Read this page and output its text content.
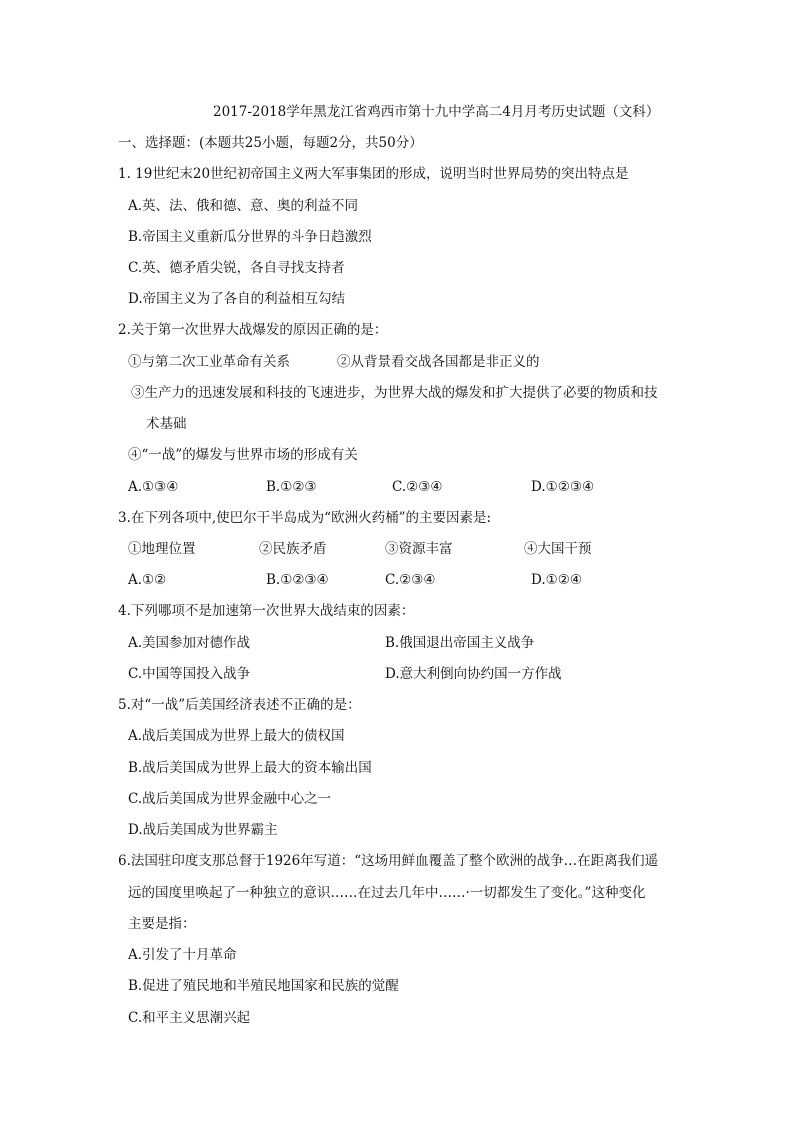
2017-2018学年黑龙江省鸡西市第十九中学高二4月月考历史试题（文科）
一、选择题：(本题共25小题，每题2分，共50分）
1. 19世纪末20世纪初帝国主义两大军事集团的形成，说明当时世界局势的突出特点是
A.英、法、俄和德、意、奥的利益不同
B.帝国主义重新瓜分世界的斗争日趋激烈
C.英、德矛盾尖锐，各自寻找支持者
D.帝国主义为了各自的利益相互勾结
2.关于第一次世界大战爆发的原因正确的是：
①与第二次工业革命有关系	②从背景看交战各国都是非正义的
③生产力的迅速发展和科技的飞速进步，为世界大战的爆发和扩大提供了必要的物质和技
术基础
④“一战”的爆发与世界市场的形成有关
A.①③④	B.①②③	C.②③④	D.①②③④
3.在下列各项中,使巴尔干半岛成为“欧洲火药桶”的主要因素是:
①地理位置	②民族矛盾	③资源丰富	④大国干预
A.①②	B.①②③④	C.②③④	D.①②④
4.下列哪项不是加速第一次世界大战结束的因素：
A.美国参加对德作战	B.俄国退出帝国主义战争
C.中国等国投入战争	D.意大利倒向协约国一方作战
5.对“一战”后美国经济表述不正确的是：
A.战后美国成为世界上最大的债权国
B.战后美国成为世界上最大的资本输出国
C.战后美国成为世界金融中心之一
D.战后美国成为世界霸主
6.法国驻印度支那总督于1926年写道：“这场用鲜血覆盖了整个欧洲的战争…在距离我们遥
远的国度里唤起了一种独立的意识……在过去几年中……·一切都发生了变化。”这种变化
主要是指：
A.引发了十月革命
B.促进了殖民地和半殖民地国家和民族的觉醒
C.和平主义思潮兴起
